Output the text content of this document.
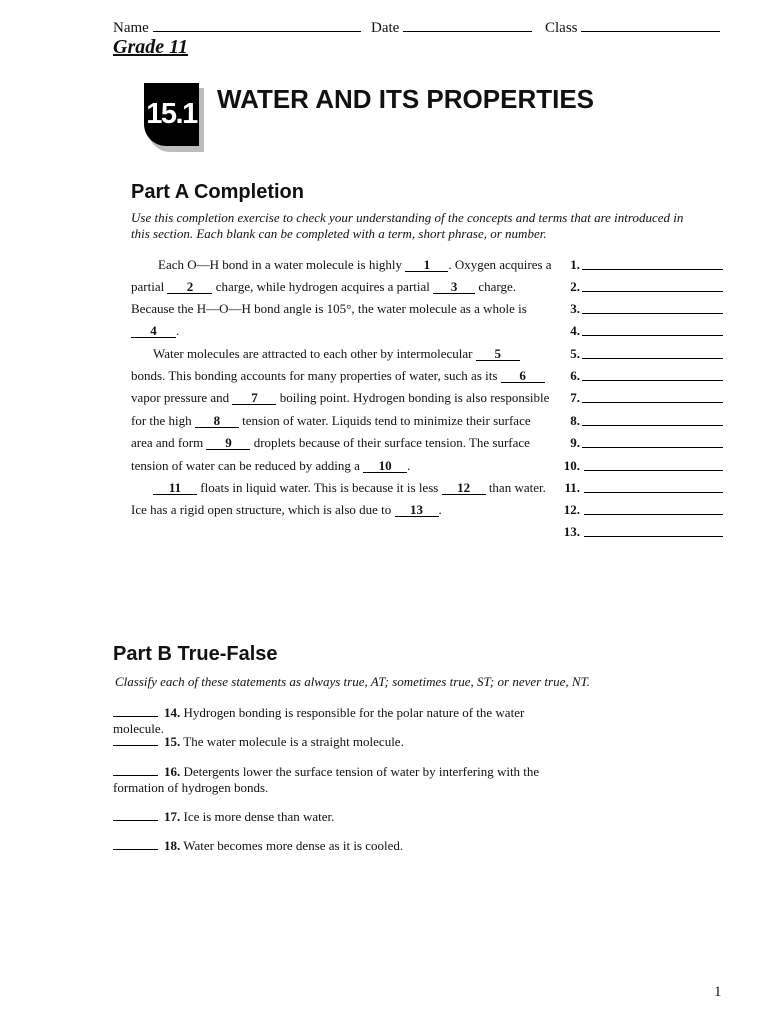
Name	Date	Class
Grade 11
15.1 WATER AND ITS PROPERTIES
Part A Completion
Use this completion exercise to check your understanding of the concepts and terms that are introduced in this section. Each blank can be completed with a term, short phrase, or number.
Each O—H bond in a water molecule is highly 1 . Oxygen acquires a
partial 2 charge, while hydrogen acquires a partial 3 charge.
Because the H—O—H bond angle is 105°, the water molecule as a whole is
4 .
Water molecules are attracted to each other by intermolecular 5
bonds. This bonding accounts for many properties of water, such as its 6
vapor pressure and 7 boiling point. Hydrogen bonding is also responsible
for the high 8 tension of water. Liquids tend to minimize their surface
area and form 9 droplets because of their surface tension. The surface
tension of water can be reduced by adding a 10 .
11 floats in liquid water. This is because it is less 12 than water.
Ice has a rigid open structure, which is also due to 13 .
1.
2.
3.
4.
5.
6.
7.
8.
9.
10.
11.
12.
13.
Part B True-False
Classify each of these statements as always true, AT; sometimes true, ST; or never true, NT.
14. Hydrogen bonding is responsible for the polar nature of the water molecule.
15. The water molecule is a straight molecule.
16. Detergents lower the surface tension of water by interfering with the formation of hydrogen bonds.
17. Ice is more dense than water.
18. Water becomes more dense as it is cooled.
1
